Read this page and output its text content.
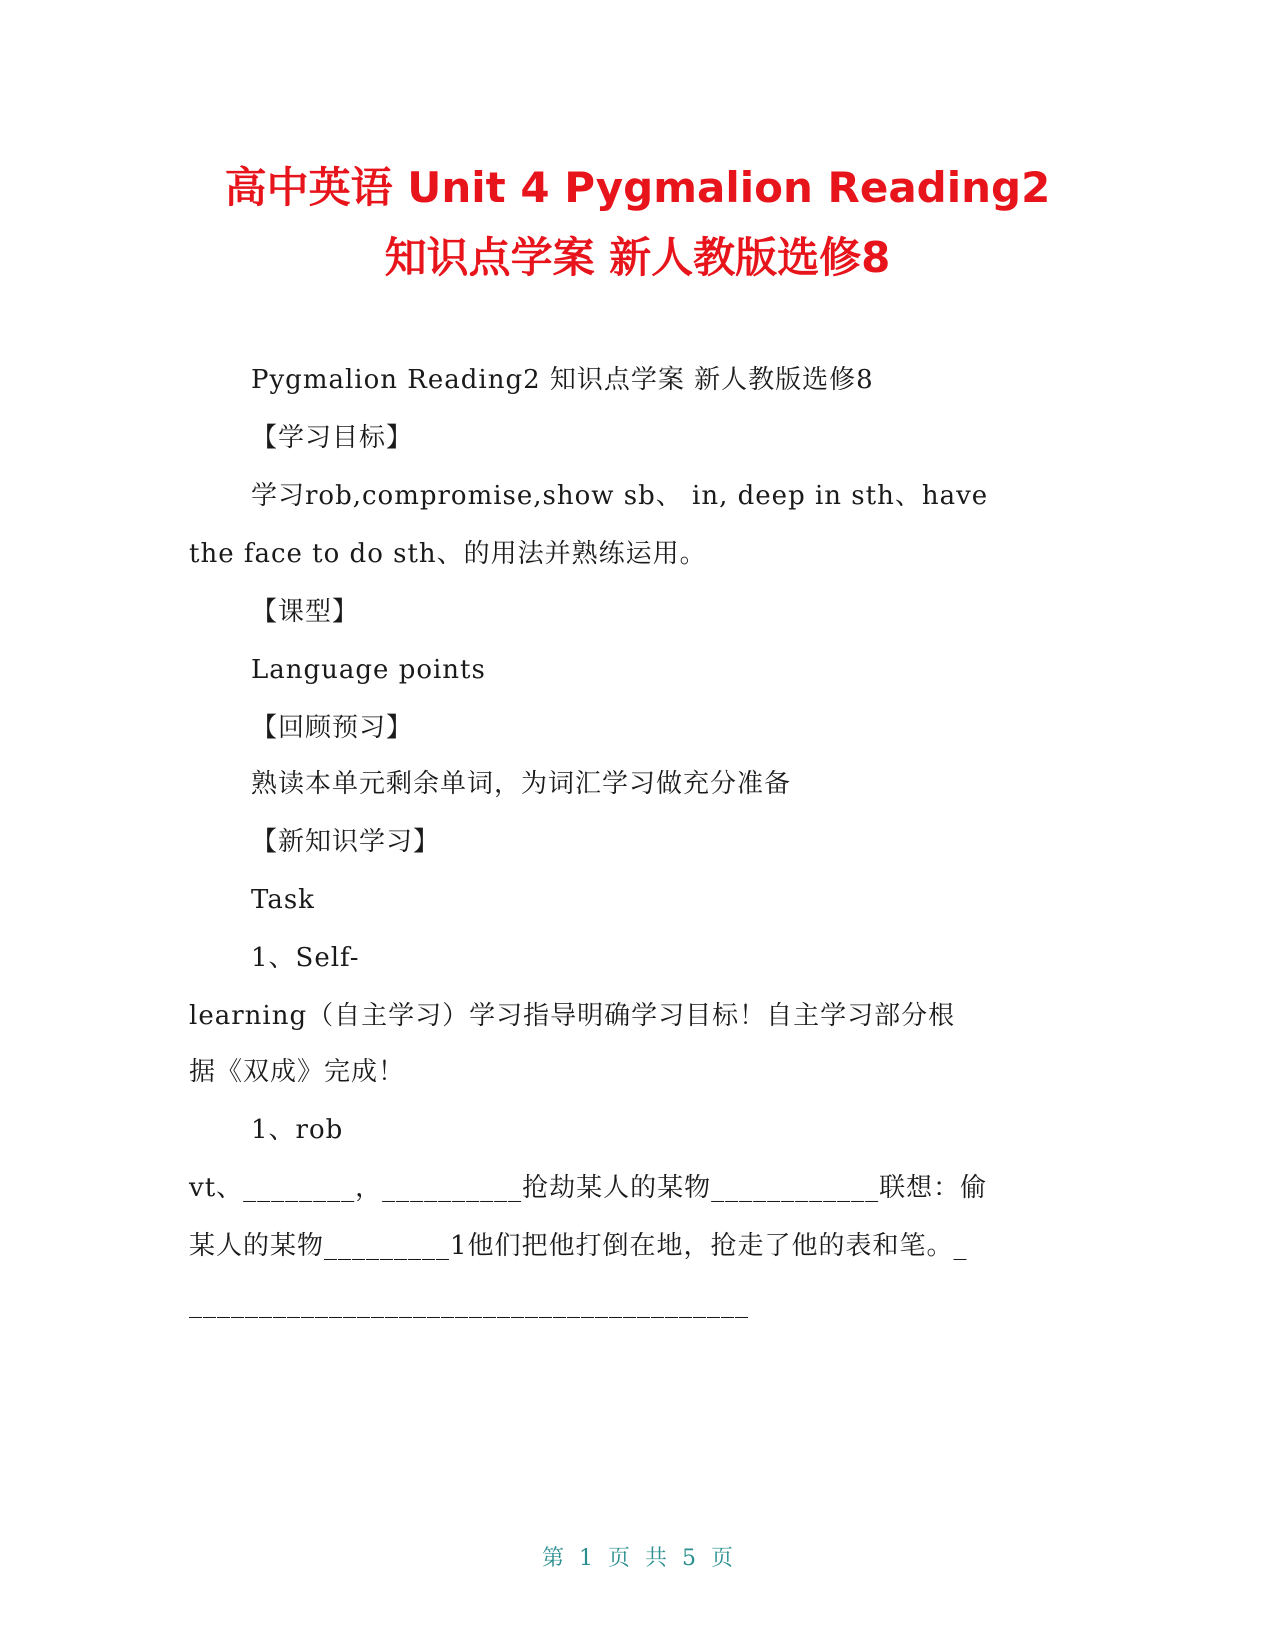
高中英语 Unit 4 Pygmalion Reading2
知识点学案 新人教版选修8
Pygmalion Reading2 知识点学案 新人教版选修8
【学习目标】
学习rob,compromise,show sb、 in, deep in sth、have
the face to do sth、的用法并熟练运用。
【课型】
Language points
【回顾预习】
熟读本单元剩余单词，为词汇学习做充分准备
【新知识学习】
Task
1、Self-
learning（自主学习）学习指导明确学习目标！自主学习部分根
据《双成》完成！
1、rob
vt、________，__________抢劫某人的某物____________联想：偷
某人的某物_________1他们把他打倒在地，抢走了他的表和笔。_
________________________________________
第 1 页 共 5 页
